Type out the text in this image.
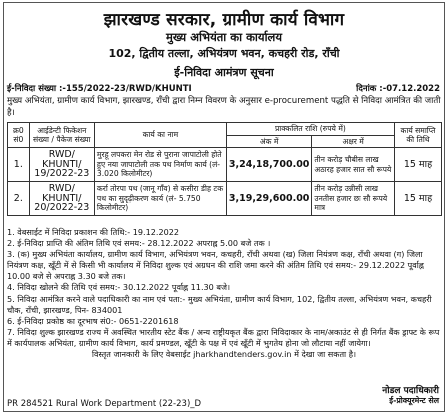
झारखण्ड सरकार, ग्रामीण कार्य विभाग
मुख्य अभियंता का कार्यालय
102, द्वितीय तल्ला, अभियंत्रण भवन, कचहरी रोड, राँची
ई-निविदा आमंत्रण सूचना
ई-निविदा संख्या :-155/2022-23/RWD/KHUNTI	दिनांक :-07.12.2022
मुख्य अभियंता, ग्रामीण कार्य विभाग, झारखण्ड, राँची द्वारा निम्न विवरण के अनुसार e-procurement पद्धति से निविदा आमंत्रित की जाती है।
क्र0 सं0	आईडेन्टी फिकेशन संख्या / पैकेज संख्या	कार्य का नाम	प्राक्कलित राशि (रुपये में)		कार्य समाप्ति की तिथि
			अंक में	अक्षर में	
1.	RWD/ KHUNTI/ 19/2022-23	मुरहू लपकरा मेन रोड से पुराना जापाटोली होते हुए नया जापाटोली तक पथ निर्माण कार्य (लं- 3.020 किलोमीटर)	3,24,18,700.00	तीन करोड़ चौबीस लाख अठारह हजार सात सौ रूपये	15 माह
2.	RWD/ KHUNTI/ 20/2022-23	कर्रा तोरपा पथ (जानू गाँव) से कसीरा डीह टक पथ का सुदृढ़ीकरण कार्य (लं- 5.750 किलोमीटर)	3,19,29,600.00	तीन करोड़ उन्नीसी लाख उनतीस हजार छः सौ रूपये मात्र	15 माह
1. वेबसाईट में निविदा प्रकाशन की तिथि:- 19.12.2022
2. ई-निविदा प्राप्ति की अंतिम तिथि एवं समय:- 28.12.2022 अपराह्न 5.00 बजे तक ।
3. (क) मुख्य अभियंता कार्यालय, ग्रामीण कार्य विभाग, अभियंत्रण भवन, कचहरी, राँची अथवा (ख) जिला नियंत्रण कक्ष, राँची अथवा (ग) जिला नियंत्रण कक्ष, खूँटी में से किसी भी कार्यालय में निविदा शुल्क एवं अग्रधन की राशि जमा करने की अंतिम तिथि एवं समय:- 29.12.2022 पूर्वाह्न 10.00 बजे से अपराह्न 3.30 बजे तक।
4. निविदा खोलने की तिथि एवं समय:- 30.12.2022 पूर्वाह्न 11.30 बजे।
5. निविदा आमंत्रित करने वाले पदाधिकारी का नाम एवं पता:- मुख्य अभियंता, ग्रामीण कार्य विभाग, 102, द्वितीय तल्ला, अभियंत्रण भवन, कचहरी चौक, राँची, झारखण्ड, पिन- 834001
6. ई-निविदा प्रकोष्ठ का दूरभाष सं0:- 0651-2201618
7. निविदा शुल्क झारखण्ड राज्य में अवस्थित भारतीय स्टेट बैंक / अन्य राष्ट्रीयकृत बैंक द्वारा निविदाकार के नाम/अकाउंट से ही निर्गत बैंक ड्राफ्ट के रूप में कार्यपालक अभियंता, ग्रामीण कार्य विभाग, कार्य प्रमण्डल, खूँटी के पक्ष में एवं खूँटी में भुगतेय होना जो लौटाया नहीं जायेगा।
विस्तृत जानकारी के लिए वेबसाईट jharkhandtenders.gov.in में देखा जा सकता है।
नोडल पदाधिकारी
ई-प्रोक्यूरमेन्ट सेल
PR 284521 Rural Work Department (22-23)_D
